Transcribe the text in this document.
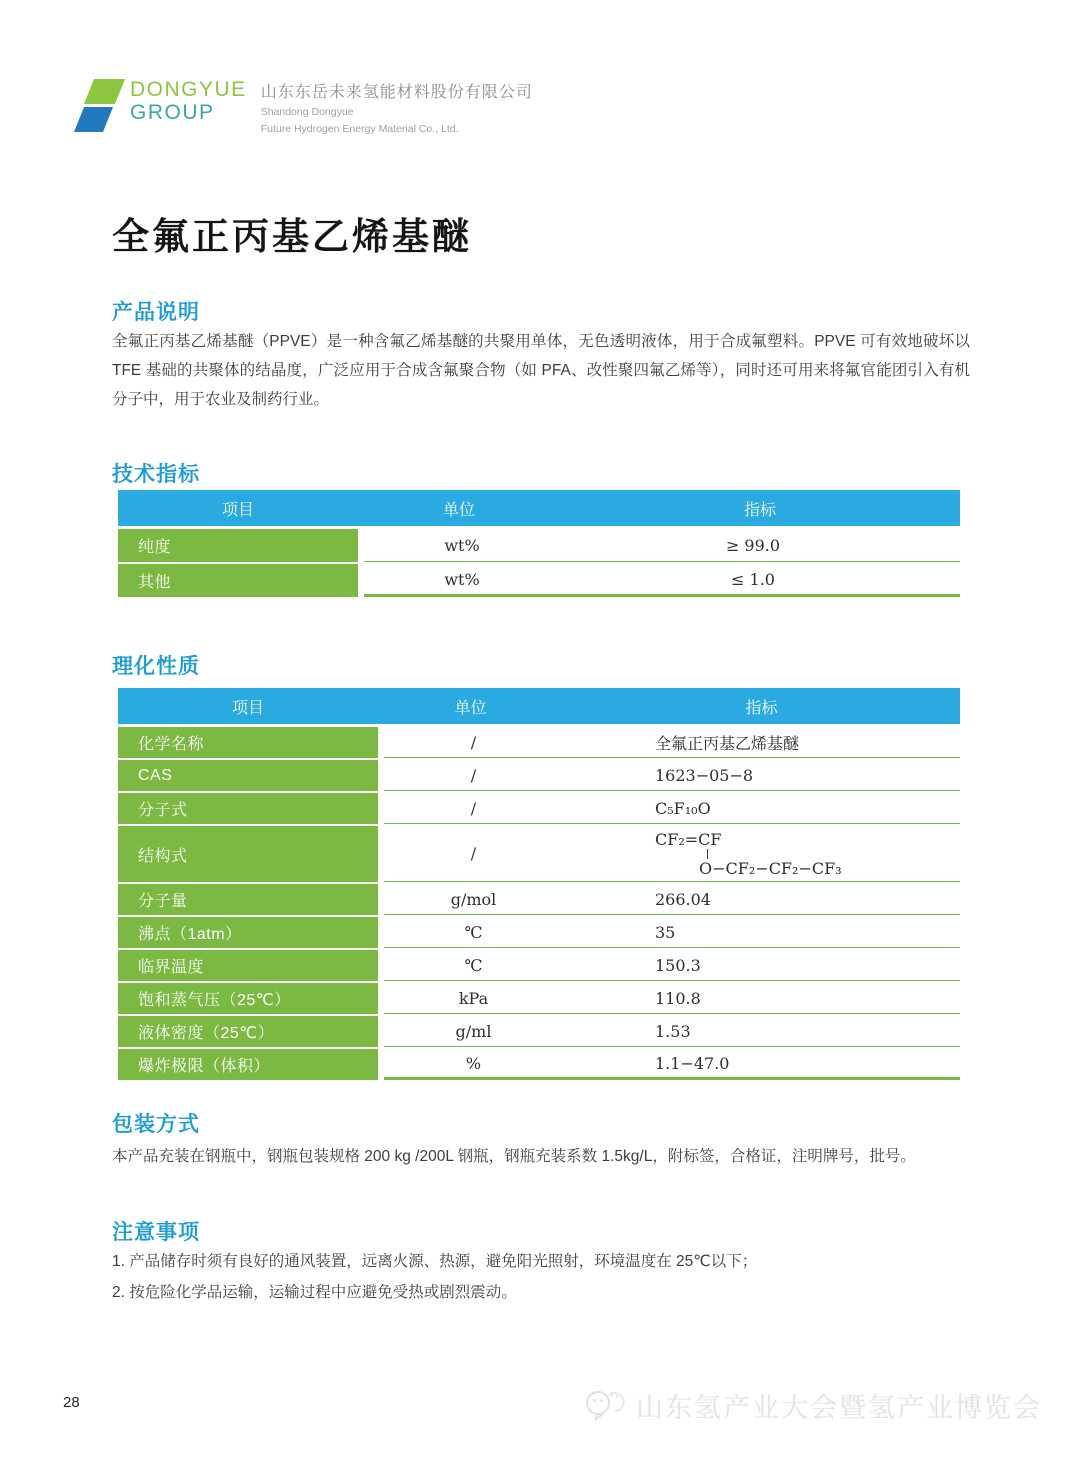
DONGYUE
GROUP
山东东岳未来氢能材料股份有限公司
Shandong Dongyue
Future Hydrogen Energy Material Co., Ltd.
全氟正丙基乙烯基醚
产品说明

全氟正丙基乙烯基醚（PPVE）是一种含氟乙烯基醚的共聚用单体，无色透明液体，用于合成氟塑料。PPVE 可有效地破坏以 TFE 基础的共聚体的结晶度，广泛应用于合成含氟聚合物（如 PFA、改性聚四氟乙烯等），同时还可用来将氟官能团引入有机分子中，用于农业及制药行业。

技术指标
项目	单位	指标
纯度	wt%	≥ 99.0
其他	wt%	≤ 1.0
理化性质
项目	单位	指标
化学名称	/	全氟正丙基乙烯基醚
CAS	/	1623−05−8
分子式	/	C₅F₁₀O
结构式	/
CF₂=CF
O−CF₂−CF₂−CF₃
分子量	g/mol	266.04
沸点（1atm）	℃	35
临界温度	℃	150.3
饱和蒸气压（25℃）	kPa	110.8
液体密度（25℃）	g/ml	1.53
爆炸极限（体积）	%	1.1−47.0
包装方式

本产品充装在钢瓶中，钢瓶包装规格 200 kg /200L 钢瓶，钢瓶充装系数 1.5kg/L，附标签，合格证，注明牌号，批号。

注意事项
1. 产品储存时须有良好的通风装置，远离火源、热源，避免阳光照射，环境温度在 25℃以下；
2. 按危险化学品运输，运输过程中应避免受热或剧烈震动。
28	山东氢产业大会暨氢产业博览会
